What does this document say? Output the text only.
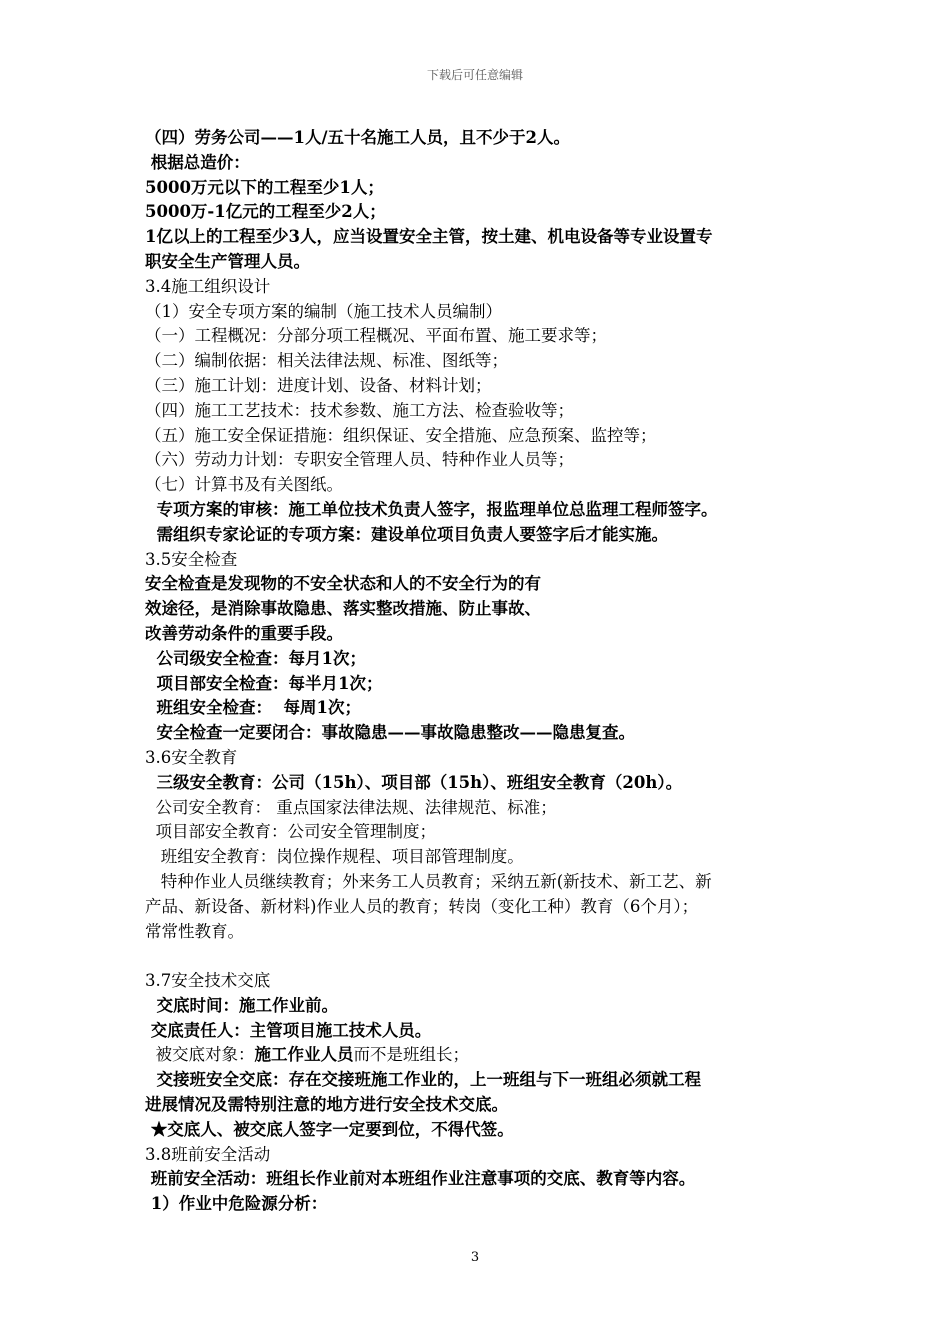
下载后可任意编辑
（四）劳务公司——1人/五十名施工人员，且不少于2人。
根据总造价：
5000万元以下的工程至少1人；
5000万-1亿元的工程至少2人；
1亿以上的工程至少3人，应当设置安全主管，按土建、机电设备等专业设置专
职安全生产管理人员。
3.4施工组织设计
（1）安全专项方案的编制（施工技术人员编制）
（一）工程概况：分部分项工程概况、平面布置、施工要求等；
（二）编制依据：相关法律法规、标准、图纸等；
（三）施工计划：进度计划、设备、材料计划；
（四）施工工艺技术：技术参数、施工方法、检查验收等；
（五）施工安全保证措施：组织保证、安全措施、应急预案、监控等；
（六）劳动力计划：专职安全管理人员、特种作业人员等；
（七）计算书及有关图纸。
专项方案的审核：施工单位技术负责人签字，报监理单位总监理工程师签字。
需组织专家论证的专项方案：建设单位项目负责人要签字后才能实施。
3.5安全检查
安全检查是发现物的不安全状态和人的不安全行为的有
效途径，是消除事故隐患、落实整改措施、防止事故、
改善劳动条件的重要手段。
公司级安全检查：每月1次；
项目部安全检查：每半月1次；
班组安全检查：  每周1次；
安全检查一定要闭合：事故隐患——事故隐患整改——隐患复查。
3.6安全教育
三级安全教育：公司（15h）、项目部（15h）、班组安全教育（20h）。
公司安全教育： 重点国家法律法规、法律规范、标准；
项目部安全教育：公司安全管理制度；
班组安全教育：岗位操作规程、项目部管理制度。
特种作业人员继续教育；外来务工人员教育；采纳五新(新技术、新工艺、新
产品、新设备、新材料)作业人员的教育；转岗（变化工种）教育（6个月）；
常常性教育。
3.7安全技术交底
交底时间：施工作业前。
交底责任人：主管项目施工技术人员。
被交底对象：施工作业人员而不是班组长；
交接班安全交底：存在交接班施工作业的，上一班组与下一班组必须就工程
进展情况及需特别注意的地方进行安全技术交底。
★交底人、被交底人签字一定要到位，不得代签。
3.8班前安全活动
班前安全活动：班组长作业前对本班组作业注意事项的交底、教育等内容。
1）作业中危险源分析：
3
